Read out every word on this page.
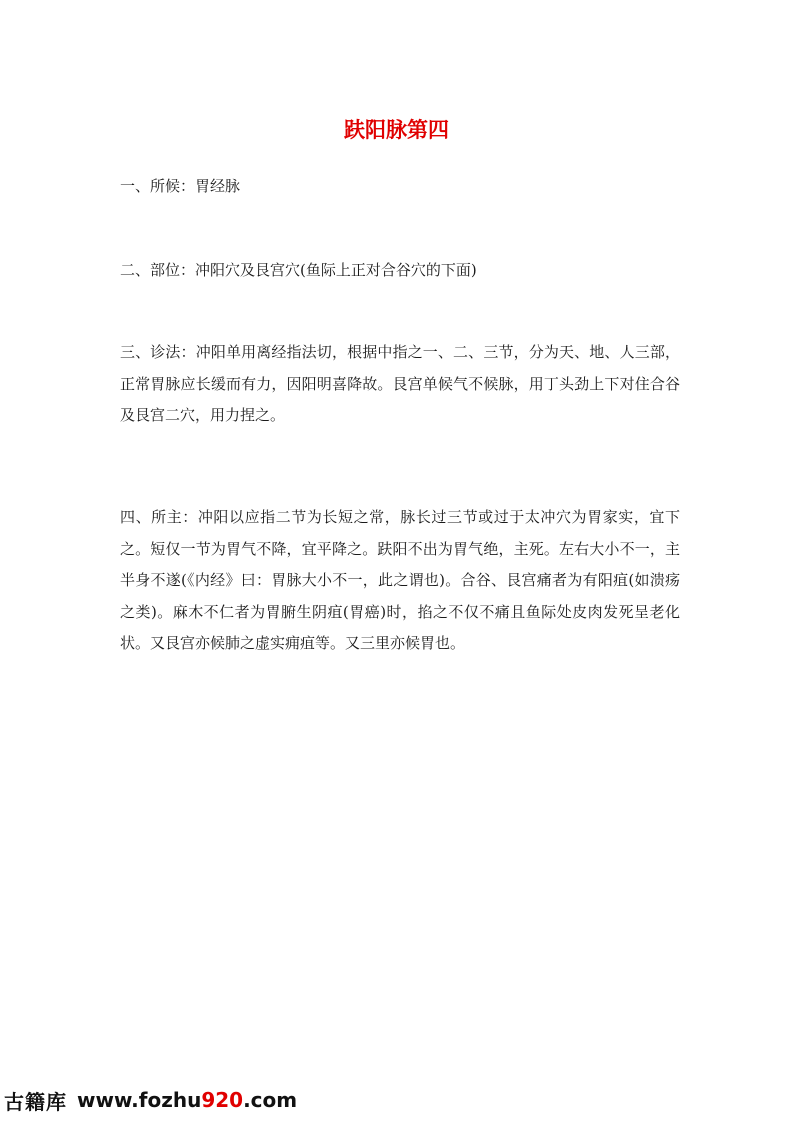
趺阳脉第四

一、所候：胃经脉

二、部位：冲阳穴及艮宫穴(鱼际上正对合谷穴的下面)

三、诊法：冲阳单用离经指法切，根据中指之一、二、三节，分为天、地、人三部，正常胃脉应长缓而有力，因阳明喜降故。艮宫单候气不候脉，用丁头劲上下对住合谷及艮宫二穴，用力捏之。

四、所主：冲阳以应指二节为长短之常，脉长过三节或过于太冲穴为胃家实，宜下之。短仅一节为胃气不降，宜平降之。趺阳不出为胃气绝，主死。左右大小不一，主半身不遂(《内经》曰：胃脉大小不一，此之谓也)。合谷、艮宫痛者为有阳疽(如溃疡之类)。麻木不仁者为胃腑生阴疽(胃癌)时，掐之不仅不痛且鱼际处皮肉发死呈老化状。又艮宫亦候肺之虚实痈疽等。又三里亦候胃也。

古籍库 www.fozhu920.com
